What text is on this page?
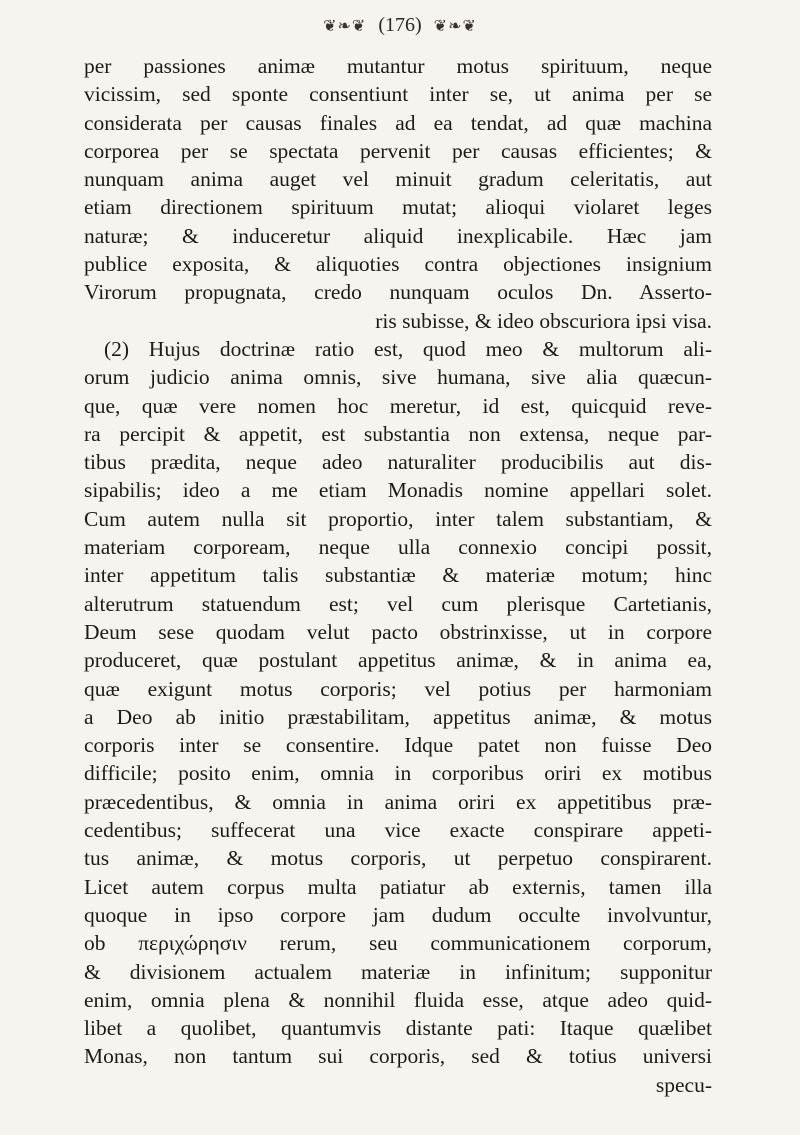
❦❧❦ (176) ❦❧❦
per passiones animæ mutantur motus spirituum, neque
vicissim, sed sponte consentiunt inter se, ut anima per se
considerata per causas finales ad ea tendat, ad quæ machina
corporea per se spectata pervenit per causas efficientes; &
nunquam anima auget vel minuit gradum celeritatis, aut
etiam directionem spirituum mutat; alioqui violaret leges
naturæ; & induceretur aliquid inexplicabile. Hæc jam
publice exposita, & aliquoties contra objectiones insignium
Virorum propugnata, credo nunquam oculos Dn. Asserto-
ris subisse, & ideo obscuriora ipsi visa.
(2) Hujus doctrinæ ratio est, quod meo & multorum ali-
orum judicio anima omnis, sive humana, sive alia quæcun-
que, quæ vere nomen hoc meretur, id est, quicquid reve-
ra percipit & appetit, est substantia non extensa, neque par-
tibus prædita, neque adeo naturaliter producibilis aut dis-
sipabilis; ideo a me etiam Monadis nomine appellari solet.
Cum autem nulla sit proportio, inter talem substantiam, &
materiam corpoream, neque ulla connexio concipi possit,
inter appetitum talis substantiæ & materiæ motum; hinc
alterutrum statuendum est; vel cum plerisque Cartetianis,
Deum sese quodam velut pacto obstrinxisse, ut in corpore
produceret, quæ postulant appetitus animæ, & in anima ea,
quæ exigunt motus corporis; vel potius per harmoniam
a Deo ab initio præstabilitam, appetitus animæ, & motus
corporis inter se consentire. Idque patet non fuisse Deo
difficile; posito enim, omnia in corporibus oriri ex motibus
præcedentibus, & omnia in anima oriri ex appetitibus præ-
cedentibus; suffecerat una vice exacte conspirare appeti-
tus animæ, & motus corporis, ut perpetuo conspirarent.
Licet autem corpus multa patiatur ab externis, tamen illa
quoque in ipso corpore jam dudum occulte involvuntur,
ob περιχώρησιν rerum, seu communicationem corporum,
& divisionem actualem materiæ in infinitum; supponitur
enim, omnia plena & nonnihil fluida esse, atque adeo quid-
libet a quolibet, quantumvis distante pati: Itaque quælibet
Monas, non tantum sui corporis, sed & totius universi
specu-
